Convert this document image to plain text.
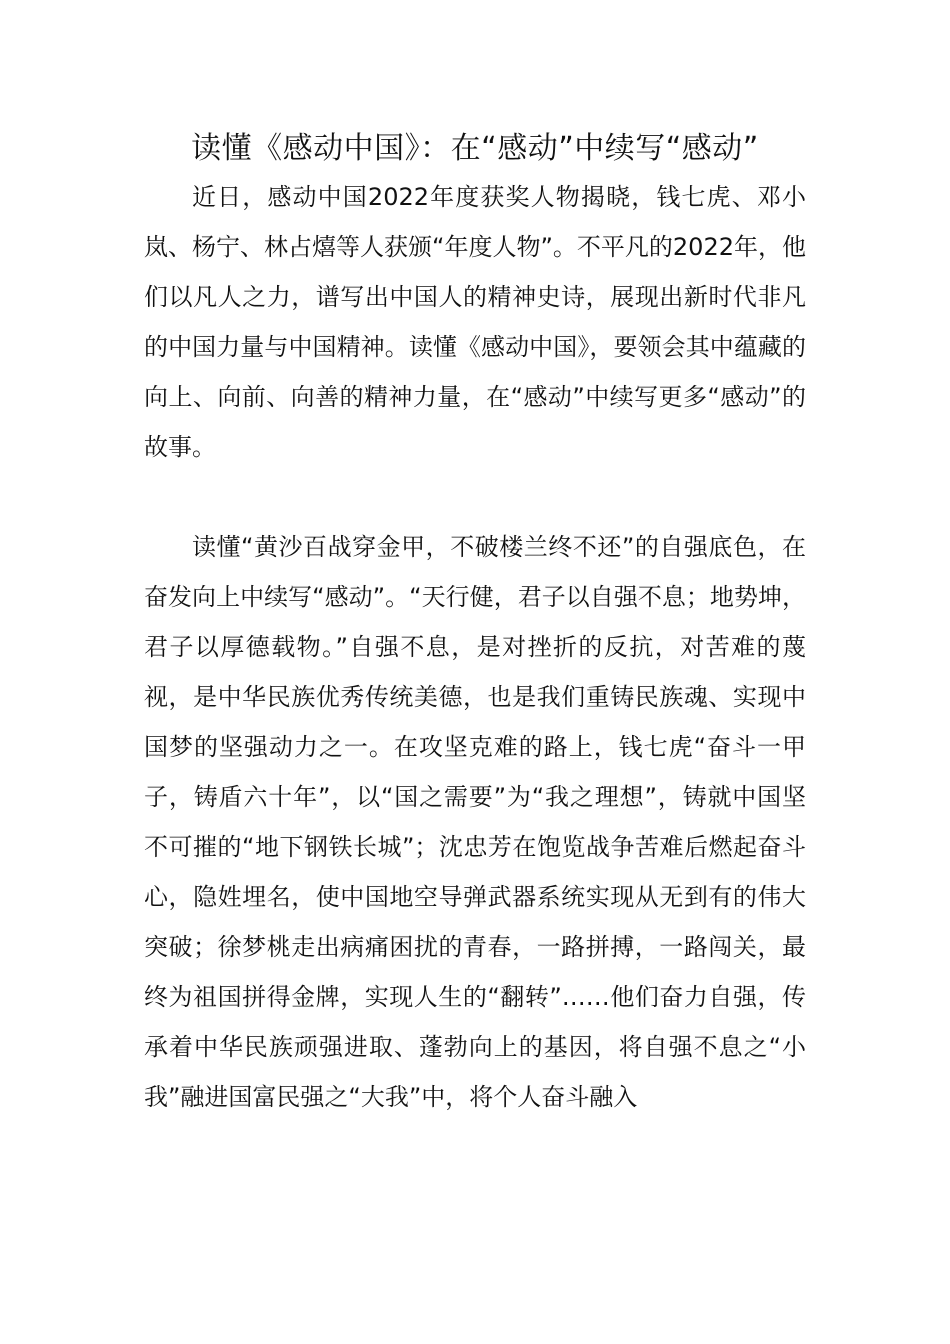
读懂《感动中国》：在“感动”中续写“感动”

近日，感动中国2022年度获奖人物揭晓，钱七虎、邓小岚、杨宁、林占熺等人获颁“年度人物”。不平凡的2022年，他们以凡人之力，谱写出中国人的精神史诗，展现出新时代非凡的中国力量与中国精神。读懂《感动中国》，要领会其中蕴藏的向上、向前、向善的精神力量，在“感动”中续写更多“感动”的故事。

读懂“黄沙百战穿金甲，不破楼兰终不还”的自强底色，在奋发向上中续写“感动”。“天行健，君子以自强不息；地势坤，君子以厚德载物。”自强不息，是对挫折的反抗，对苦难的蔑视，是中华民族优秀传统美德，也是我们重铸民族魂、实现中国梦的坚强动力之一。在攻坚克难的路上，钱七虎“奋斗一甲子，铸盾六十年”，以“国之需要”为“我之理想”，铸就中国坚不可摧的“地下钢铁长城”；沈忠芳在饱览战争苦难后燃起奋斗心，隐姓埋名，使中国地空导弹武器系统实现从无到有的伟大突破；徐梦桃走出病痛困扰的青春，一路拼搏，一路闯关，最终为祖国拼得金牌，实现人生的“翻转”……他们奋力自强，传承着中华民族顽强进取、蓬勃向上的基因，将自强不息之“小我”融进国富民强之“大我”中，将个人奋斗融入
